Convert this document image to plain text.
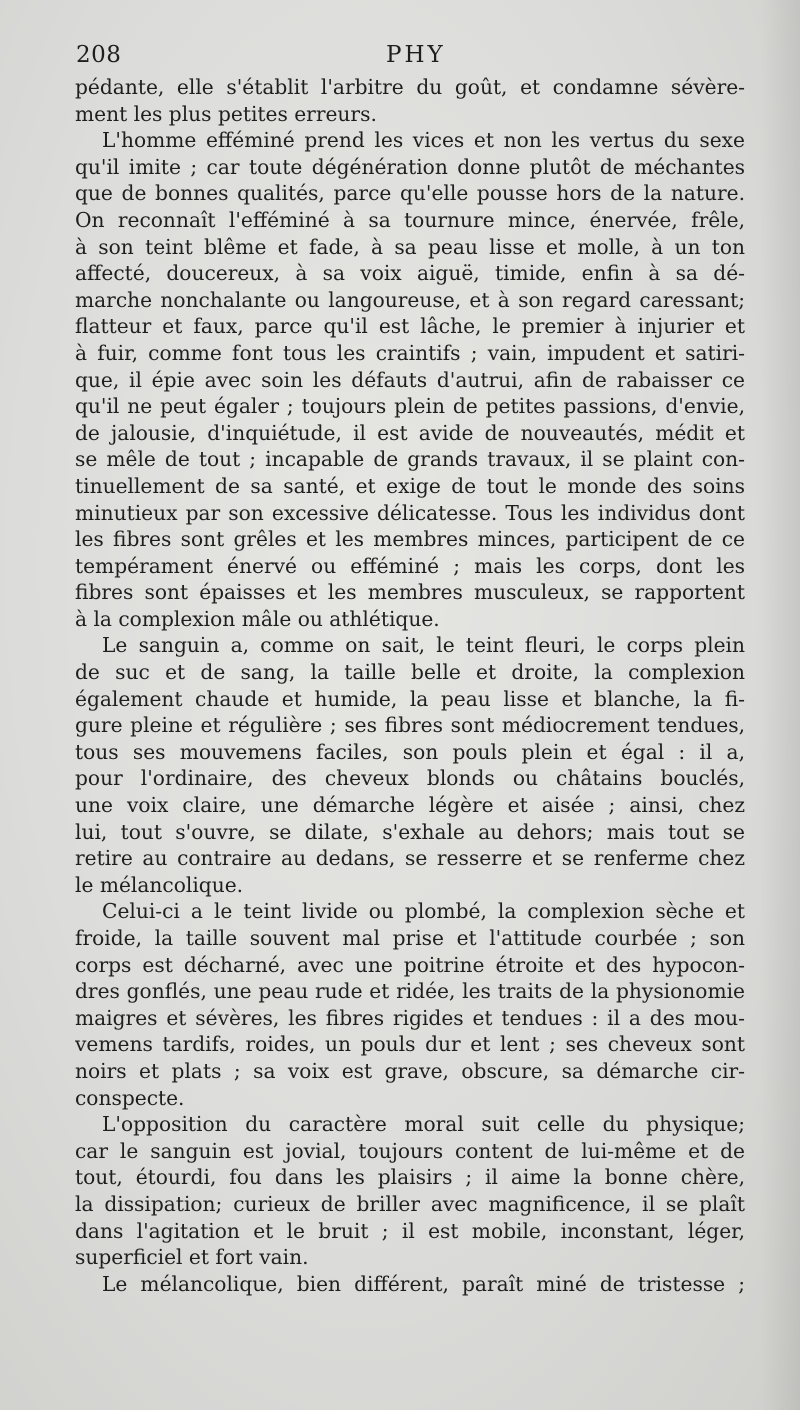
208	PHY
pédante, elle s'établit l'arbitre du goût, et condamne sévère-
ment les plus petites erreurs.
L'homme efféminé prend les vices et non les vertus du sexe
qu'il imite ; car toute dégénération donne plutôt de méchantes
que de bonnes qualités, parce qu'elle pousse hors de la nature.
On reconnaît l'efféminé à sa tournure mince, énervée, frêle,
à son teint blême et fade, à sa peau lisse et molle, à un ton
affecté, doucereux, à sa voix aiguë, timide, enfin à sa dé-
marche nonchalante ou langoureuse, et à son regard caressant;
flatteur et faux, parce qu'il est lâche, le premier à injurier et
à fuir, comme font tous les craintifs ; vain, impudent et satiri-
que, il épie avec soin les défauts d'autrui, afin de rabaisser ce
qu'il ne peut égaler ; toujours plein de petites passions, d'envie,
de jalousie, d'inquiétude, il est avide de nouveautés, médit et
se mêle de tout ; incapable de grands travaux, il se plaint con-
tinuellement de sa santé, et exige de tout le monde des soins
minutieux par son excessive délicatesse. Tous les individus dont
les fibres sont grêles et les membres minces, participent de ce
tempérament énervé ou efféminé ; mais les corps, dont les
fibres sont épaisses et les membres musculeux, se rapportent
à la complexion mâle ou athlétique.
Le sanguin a, comme on sait, le teint fleuri, le corps plein
de suc et de sang, la taille belle et droite, la complexion
également chaude et humide, la peau lisse et blanche, la fi-
gure pleine et régulière ; ses fibres sont médiocrement tendues,
tous ses mouvemens faciles, son pouls plein et égal : il a,
pour l'ordinaire, des cheveux blonds ou châtains bouclés,
une voix claire, une démarche légère et aisée ; ainsi, chez
lui, tout s'ouvre, se dilate, s'exhale au dehors; mais tout se
retire au contraire au dedans, se resserre et se renferme chez
le mélancolique.
Celui-ci a le teint livide ou plombé, la complexion sèche et
froide, la taille souvent mal prise et l'attitude courbée ; son
corps est décharné, avec une poitrine étroite et des hypocon-
dres gonflés, une peau rude et ridée, les traits de la physionomie
maigres et sévères, les fibres rigides et tendues : il a des mou-
vemens tardifs, roides, un pouls dur et lent ; ses cheveux sont
noirs et plats ; sa voix est grave, obscure, sa démarche cir-
conspecte.
L'opposition du caractère moral suit celle du physique;
car le sanguin est jovial, toujours content de lui-même et de
tout, étourdi, fou dans les plaisirs ; il aime la bonne chère,
la dissipation; curieux de briller avec magnificence, il se plaît
dans l'agitation et le bruit ; il est mobile, inconstant, léger,
superficiel et fort vain.
Le mélancolique, bien différent, paraît miné de tristesse ;
